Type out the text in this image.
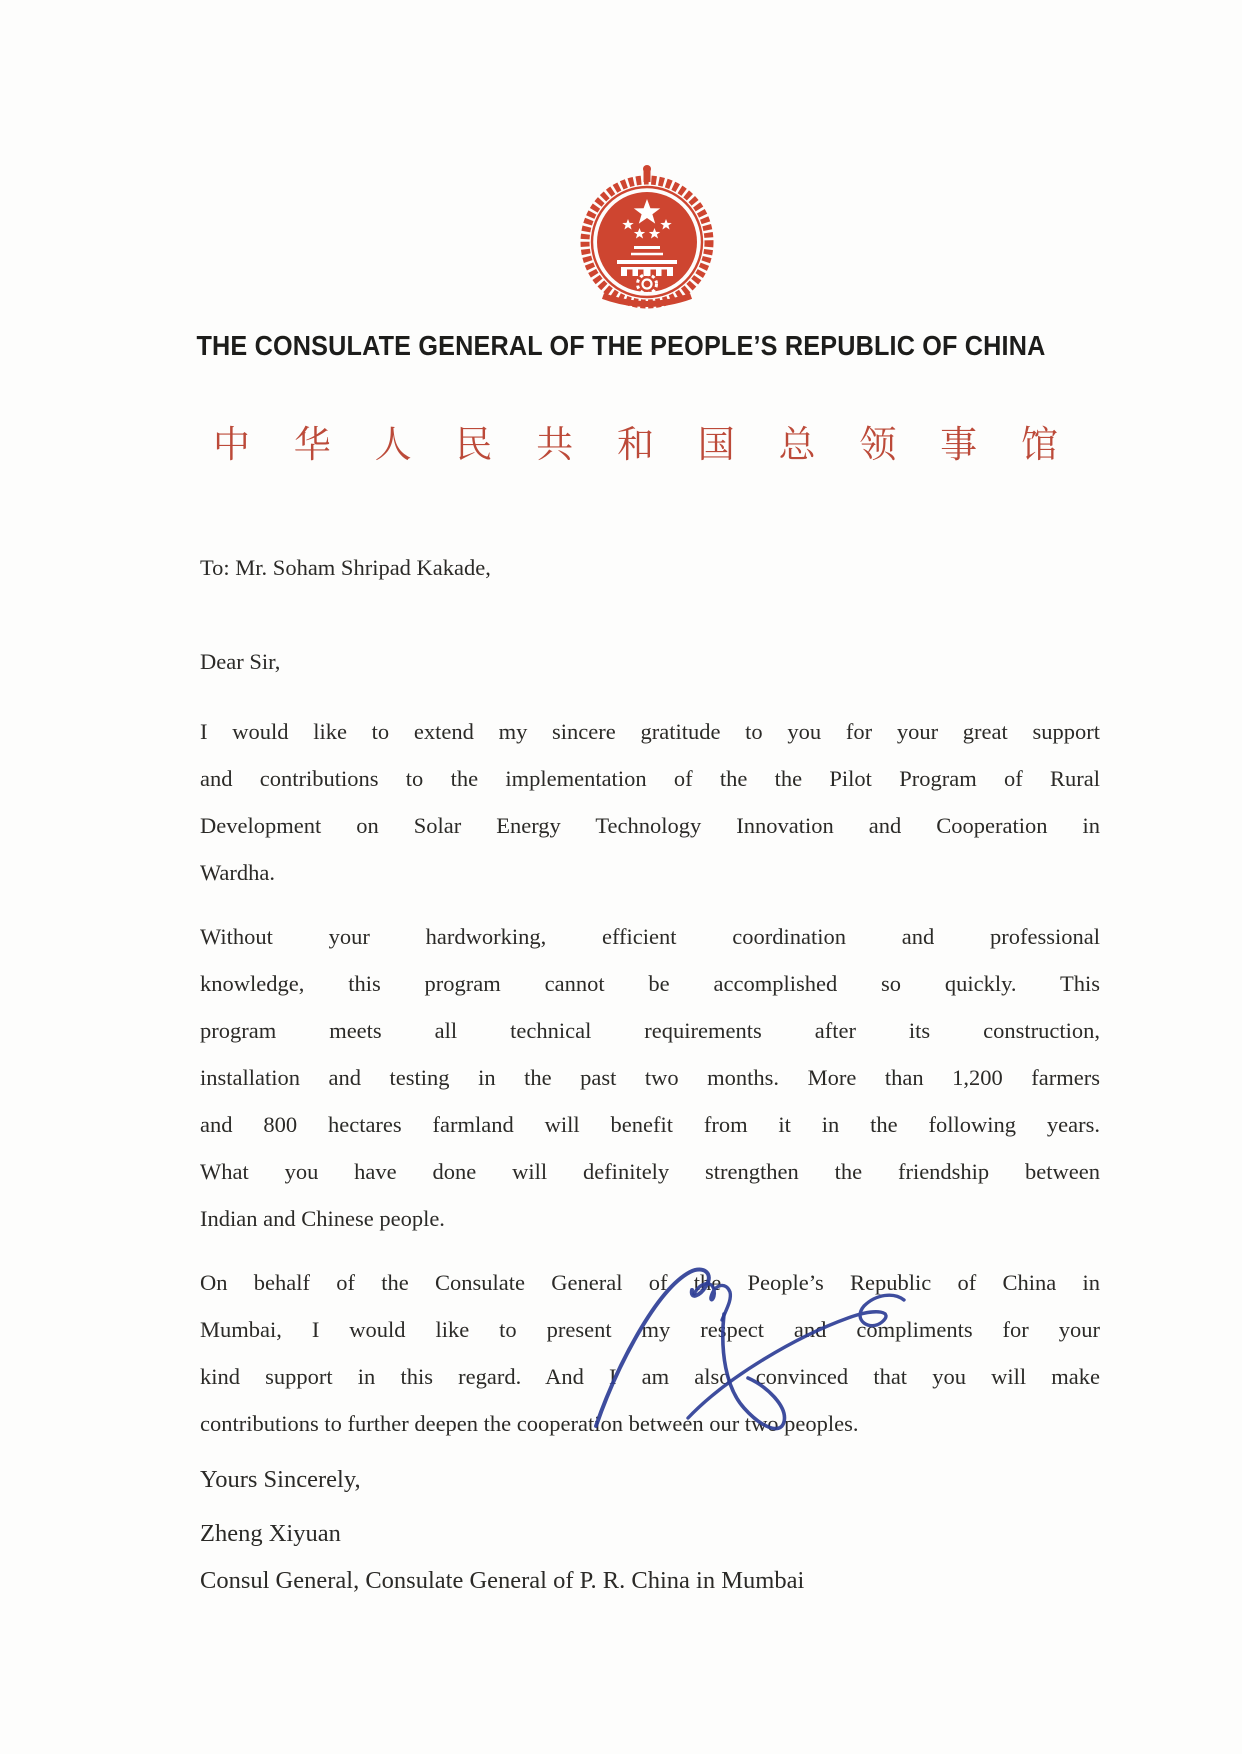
THE CONSULATE GENERAL OF THE PEOPLE’S REPUBLIC OF CHINA
中 华 人 民 共 和 国 总 领 事 馆
To: Mr. Soham Shripad Kakade,
Dear Sir,
I would like to extend my sincere gratitude to you for your great support
and contributions to the implementation of the the Pilot Program of Rural
Development on Solar Energy Technology Innovation and Cooperation in
Wardha.
Without your hardworking, efficient coordination and professional
knowledge, this program cannot be accomplished so quickly. This
program meets all technical requirements after its construction,
installation and testing in the past two months. More than 1,200 farmers
and 800 hectares farmland will benefit from it in the following years.
What you have done will definitely strengthen the friendship between
Indian and Chinese people.
On behalf of the Consulate General of the People’s Republic of China in
Mumbai, I would like to present my respect and compliments for your
kind support in this regard. And I am also convinced that you will make
contributions to further deepen the cooperation between our two peoples.
Yours Sincerely,
Zheng Xiyuan
Consul General, Consulate General of P. R. China in Mumbai
